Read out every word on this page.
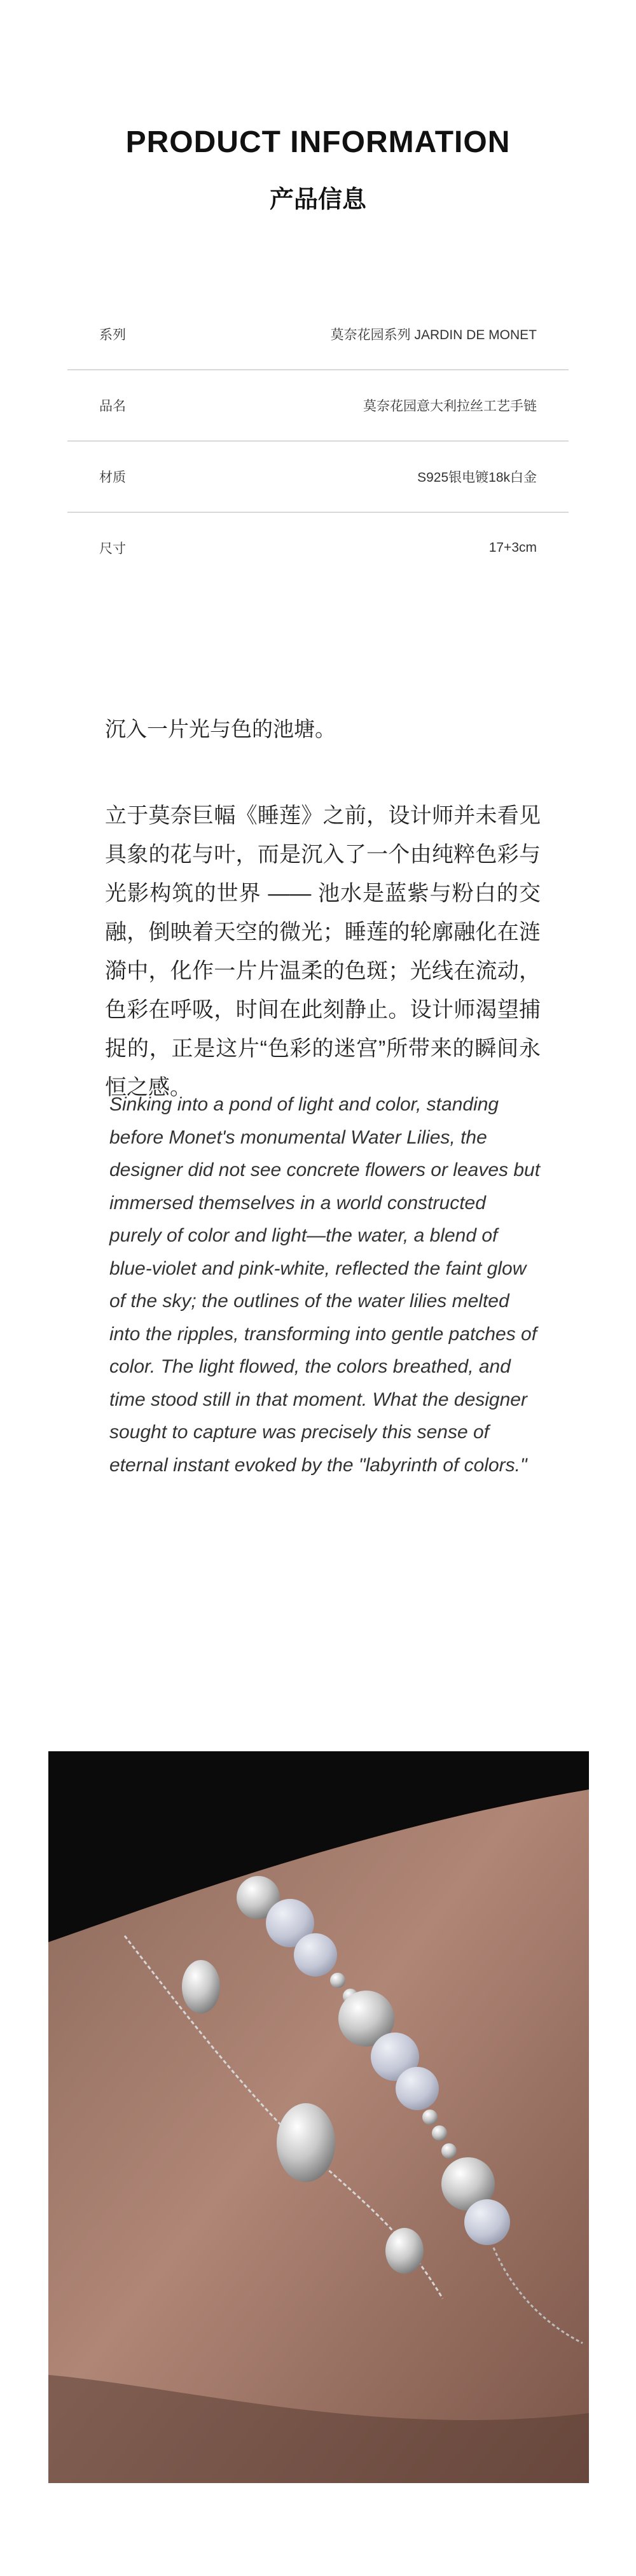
PRODUCT INFORMATION
产品信息
系列	莫奈花园系列 JARDIN DE MONET
品名	莫奈花园意大利拉丝工艺手链
材质	S925银电镀18k白金
尺寸	17+3cm
沉入一片光与色的池塘。
立于莫奈巨幅《睡莲》之前，设计师并未看见具象的花与叶，而是沉入了一个由纯粹色彩与光影构筑的世界 —— 池水是蓝紫与粉白的交融，倒映着天空的微光；睡莲的轮廓融化在涟漪中，化作一片片温柔的色斑；光线在流动，色彩在呼吸，时间在此刻静止。设计师渴望捕捉的，正是这片“色彩的迷宫”所带来的瞬间永恒之感。
Sinking into a pond of light and color, standing before Monet's monumental Water Lilies, the designer did not see concrete flowers or leaves but immersed themselves in a world constructed purely of color and light—the water, a blend of blue-violet and pink-white, reflected the faint glow of the sky; the outlines of the water lilies melted into the ripples, transforming into gentle patches of color. The light flowed, the colors breathed, and time stood still in that moment. What the designer sought to capture was precisely this sense of eternal instant evoked by the "labyrinth of colors."
